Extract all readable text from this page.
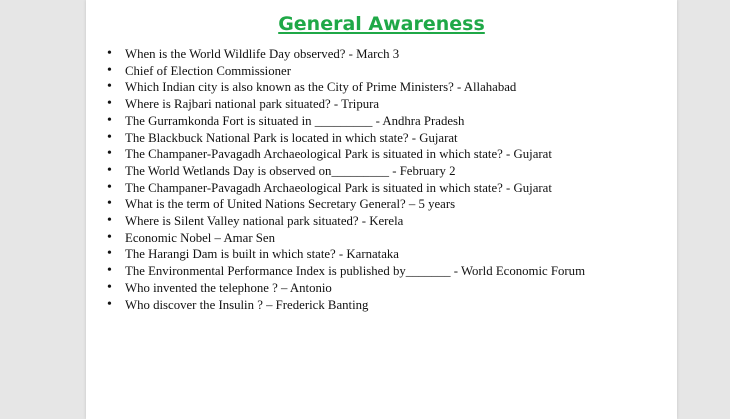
General Awareness
• When is the World Wildlife Day observed? - March 3
• Chief of Election Commissioner
• Which Indian city is also known as the City of Prime Ministers? - Allahabad
• Where is Rajbari national park situated? - Tripura
• The Gurramkonda Fort is situated in _________ - Andhra Pradesh
• The Blackbuck National Park is located in which state? - Gujarat
• The Champaner-Pavagadh Archaeological Park is situated in which state? - Gujarat
• The World Wetlands Day is observed on_________ - February 2
• The Champaner-Pavagadh Archaeological Park is situated in which state? - Gujarat
• What is the term of United Nations Secretary General? – 5 years
• Where is Silent Valley national park situated? - Kerela
• Economic Nobel – Amar Sen
• The Harangi Dam is built in which state? - Karnataka
• The Environmental Performance Index is published by_______ - World Economic Forum
• Who invented the telephone ? – Antonio
• Who discover the Insulin ? – Frederick Banting
